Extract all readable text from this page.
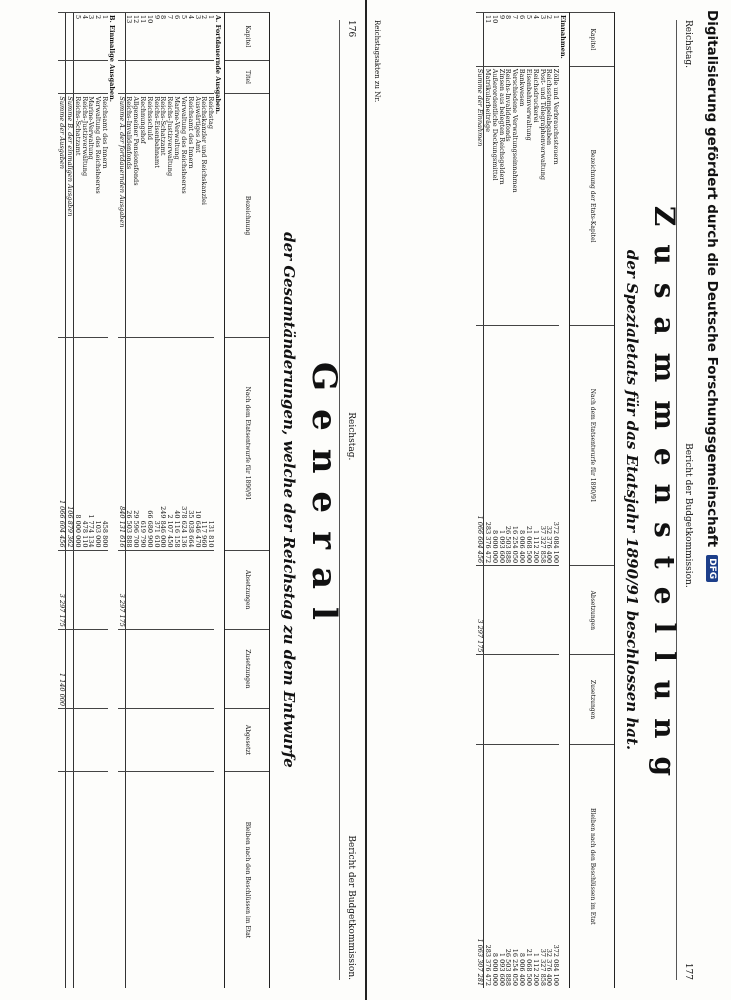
176
Reichstag.
Bericht der Budgetkommission.
General
der Gesamtänderungen, welche der Reichstag zu dem Entwurfe
Kapitel	Titel	Bezeichnung	Nach dem Etatsentwurfe für 1890/91	Absetzungen	Zusetzungen	Abgesetzt	Bleiben nach den Beschlüssen im Etat
A. Fortdauernde Ausgaben.							
1		Reichstag	131 810				
2		Reichskanzler und Reichskanzlei	117 960				
3		Auswärtiges Amt	10 646 470				
4		Reichsamt des Innern	35 038 664				
5		Verwaltung des Reichsheeres	378 624 136				
6		Marine-Verwaltung	40 116 158				
7		Reichs-Justizverwaltung	2 107 450				
8		Reichs-Schatzamt	249 846 000				
9		Reichs-Eisenbahnamt	371 610				
10		Reichsschuld	66 680 900				
11		Rechnungshof	619 790				
12		Allgemeiner Pensionsfonds	29 596 700				
13		Reichs-Invalidenfonds	26 503 888				
		Summe A. der fortdauernden Ausgaben	840 131 616	3 297 175			
B. Einmalige Ausgaben.							
1		Reichsamt des Innern	458 800				
2		Verwaltung des Reichsheeres	103 000				
3		Marine-Verwaltung	1 774 134				
4		Reichs-Justizverwaltung	478 110				
5		Reichs-Schatzamt	8 000 000				
		Summe B. der einmaligen Ausgaben	106 879 362				
		Summe der Ausgaben	1 066 604 456	3 297 175	1 140 000		
Reichstag.
Bericht der Budgetkommission.
177
Zusammenstellung
der Spezialetats für das Etatsjahr 1890/91 beschlossen hat.
Kapitel	Bezeichnung der Etats-Kapitel	Nach dem Etatsentwurfe für 1890/91	Absetzungen	Zusetzungen	Bleiben nach den Beschlüssen im Etat
Einnahmen.					
1	Zölle und Verbrauchssteuern	372 084 100			372 084 100
2	Reichsstempelabgaben	32 376 400			32 376 400
3	Post- und Telegraphenverwaltung	37 327 858			37 327 858
4	Reichsdruckerei	1 112 200			1 112 200
5	Eisenbahnverwaltung	21 068 500			21 068 500
6	Bankwesen	8 006 400			8 006 400
7	Verschiedene Verwaltungseinnahmen	16 254 050			16 254 050
8	Reichs-Invalidenfonds	26 503 888			26 503 888
9	Zinsen aus belegten Reichsgeldern	1 093 600			1 093 600
10	Außerordentliche Deckungsmittel	8 000 000			8 000 000
11	Matrikularbeiträge	283 376 472			283 376 472
	Summe der Einnahmen	1 066 604 456	3 297 175		1 063 307 281
Reichstagsakten zu Nr.	Digitalisierung gefördert durch die Deutsche Forschungsgemeinschaft
DFG
